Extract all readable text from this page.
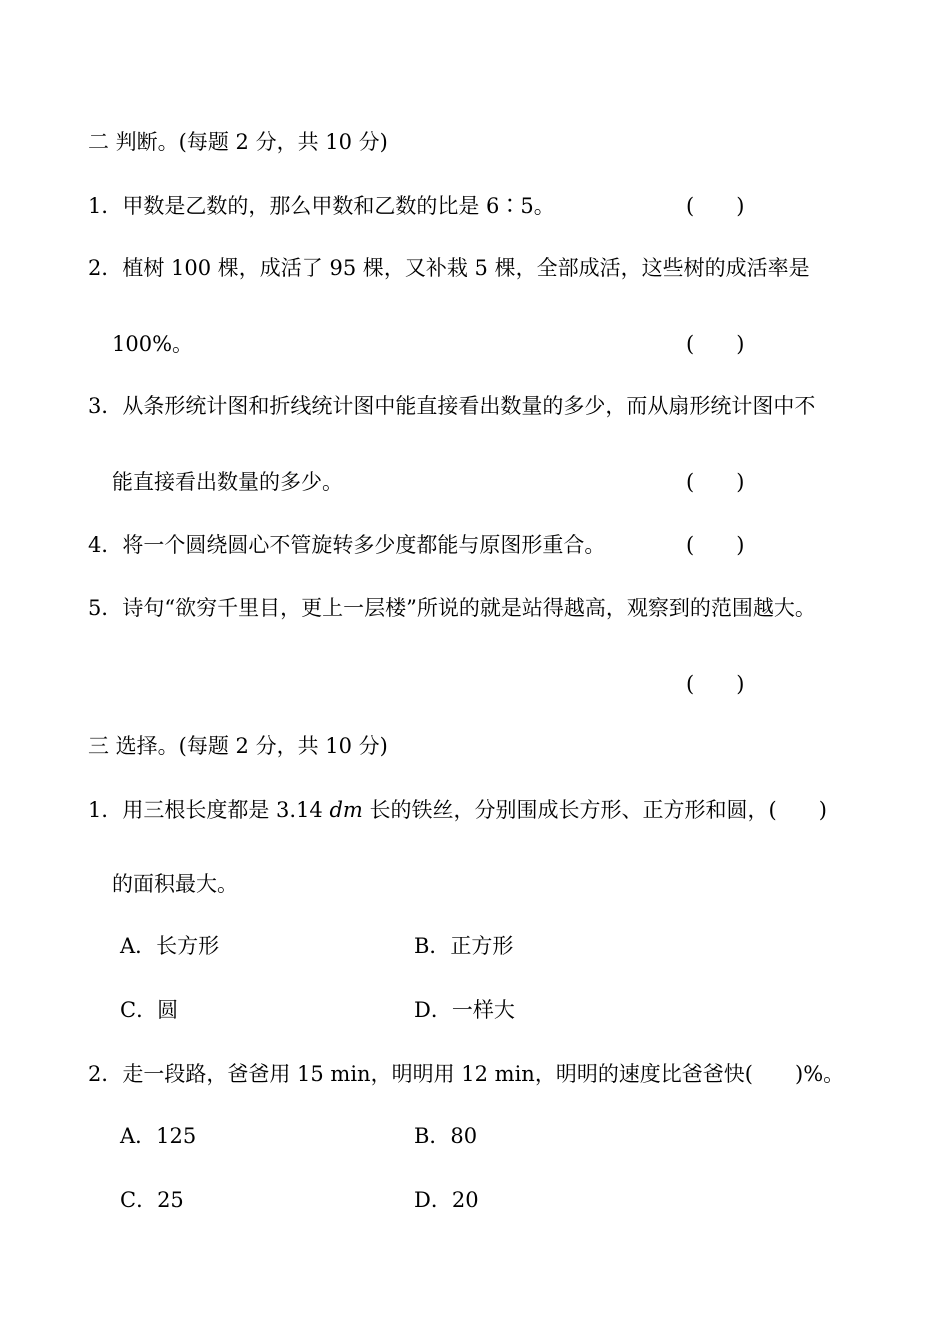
二 判断。(每题 2 分，共 10 分)
1．甲数是乙数的，那么甲数和乙数的比是 6∶5。	(　　)
2．植树 100 棵，成活了 95 棵，又补栽 5 棵，全部成活，这些树的成活率是
100%。	(　　)
3．从条形统计图和折线统计图中能直接看出数量的多少，而从扇形统计图中不
能直接看出数量的多少。	(　　)
4．将一个圆绕圆心不管旋转多少度都能与原图形重合。	(　　)
5．诗句“欲穷千里目，更上一层楼”所说的就是站得越高，观察到的范围越大。
(　　)
三 选择。(每题 2 分，共 10 分)
1．用三根长度都是 3.14 dm 长的铁丝，分别围成长方形、正方形和圆，(　　)
的面积最大。
A．长方形	B．正方形
C．圆	D．一样大
2．走一段路，爸爸用 15 min，明明用 12 min，明明的速度比爸爸快(　　)%。
A．125	B．80
C．25	D．20
